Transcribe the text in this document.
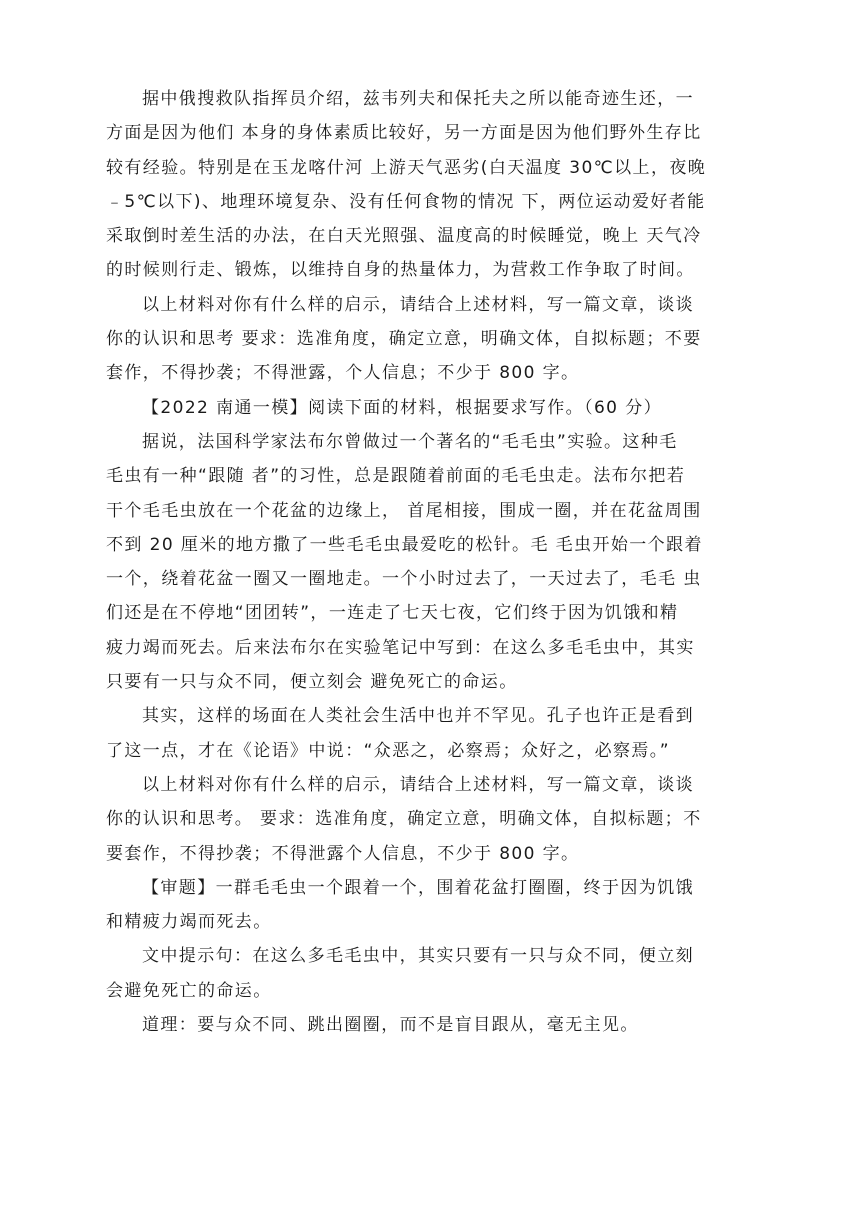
据中俄搜救队指挥员介绍，兹韦列夫和保托夫之所以能奇迹生还，一
方面是因为他们 本身的身体素质比较好，另一方面是因为他们野外生存比
较有经验。特别是在玉龙喀什河 上游天气恶劣(白天温度 30℃以上，夜晚
﹣5℃以下)、地理环境复杂、没有任何食物的情况 下，两位运动爱好者能
采取倒时差生活的办法，在白天光照强、温度高的时候睡觉，晚上 天气冷
的时候则行走、锻炼，以维持自身的热量体力，为营救工作争取了时间。

以上材料对你有什么样的启示，请结合上述材料，写一篇文章，谈谈
你的认识和思考 要求：选准角度，确定立意，明确文体，自拟标题；不要
套作，不得抄袭；不得泄露，个人信息；不少于 800 字。

【2022 南通一模】阅读下面的材料，根据要求写作。（60 分）

据说，法国科学家法布尔曾做过一个著名的“毛毛虫”实验。这种毛
毛虫有一种“跟随 者”的习性，总是跟随着前面的毛毛虫走。法布尔把若
干个毛毛虫放在一个花盆的边缘上， 首尾相接，围成一圈，并在花盆周围
不到 20 厘米的地方撒了一些毛毛虫最爱吃的松针。毛 毛虫开始一个跟着
一个，绕着花盆一圈又一圈地走。一个小时过去了，一天过去了，毛毛 虫
们还是在不停地“团团转”，一连走了七天七夜，它们终于因为饥饿和精
疲力竭而死去。后来法布尔在实验笔记中写到：在这么多毛毛虫中，其实
只要有一只与众不同，便立刻会 避免死亡的命运。

其实，这样的场面在人类社会生活中也并不罕见。孔子也许正是看到
了这一点，才在《论语》中说：“众恶之，必察焉；众好之，必察焉。”

以上材料对你有什么样的启示，请结合上述材料，写一篇文章，谈谈
你的认识和思考。 要求：选准角度，确定立意，明确文体，自拟标题；不
要套作，不得抄袭；不得泄露个人信息，不少于 800 字。

【审题】一群毛毛虫一个跟着一个，围着花盆打圈圈，终于因为饥饿
和精疲力竭而死去。

文中提示句：在这么多毛毛虫中，其实只要有一只与众不同，便立刻
会避免死亡的命运。

道理：要与众不同、跳出圈圈，而不是盲目跟从，毫无主见。
